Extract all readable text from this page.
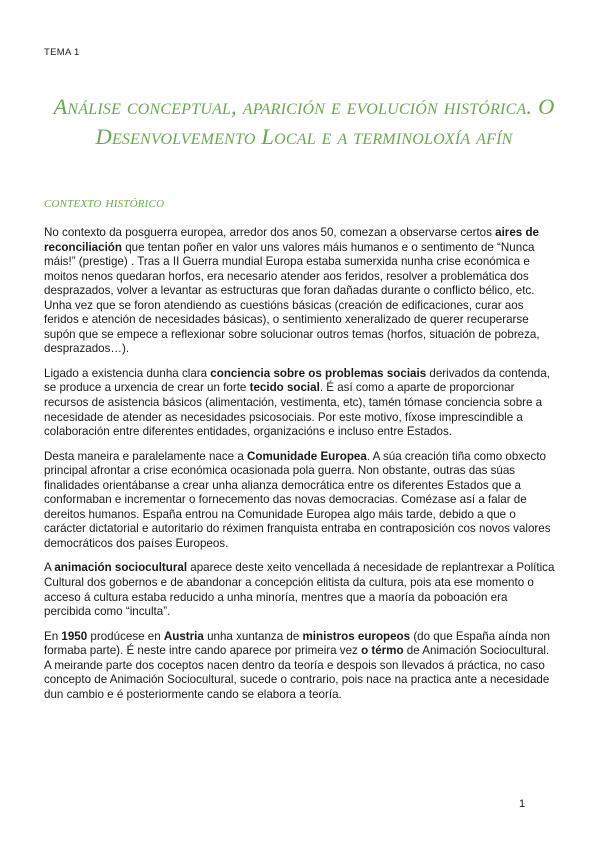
TEMA 1
Análise conceptual, aparición e evolución histórica. O Desenvolvemento Local e a terminoloxía afín
contexto histórico

No contexto da posguerra europea, arredor dos anos 50, comezan a observarse certos aires de reconciliación que tentan poñer en valor uns valores máis humanos e o sentimento de “Nunca máis!” (prestige) . Tras a II Guerra mundial Europa estaba sumerxida nunha crise económica e moitos nenos quedaran horfos, era necesario atender aos feridos, resolver a problemática dos desprazados, volver a levantar as estructuras que foran dañadas durante o conflicto bélico, etc. Unha vez que se foron atendiendo as cuestións básicas (creación de edificaciones, curar aos feridos e atención de necesidades básicas), o sentimiento xeneralizado de querer recuperarse supón que se empece a reflexionar sobre solucionar outros temas (horfos, situación de pobreza, desprazados…).

Ligado a existencia dunha clara conciencia sobre os problemas sociais derivados da contenda, se produce a urxencia de crear un forte tecido social. É así como a aparte de proporcionar recursos de asistencia básicos (alimentación, vestimenta, etc), tamén tómase conciencia sobre a necesidade de atender as necesidades psicosociais. Por este motivo, fíxose imprescindible a colaboración entre diferentes entidades, organizacións e incluso entre Estados.

Desta maneira e paralelamente nace a Comunidade Europea. A súa creación tiña como obxecto principal afrontar a crise económica ocasionada pola guerra. Non obstante, outras das súas finalidades orientábanse a crear unha alianza democrática entre os diferentes Estados que a conformaban e incrementar o fornecemento das novas democracias. Comézase así a falar de dereitos humanos. España entrou na Comunidade Europea algo máis tarde, debido a que o carácter dictatorial e autoritario do réximen franquista entraba en contraposición cos novos valores democráticos dos países Europeos.

A animación sociocultural aparece deste xeito vencellada á necesidade de replantrexar a Política Cultural dos gobernos e de abandonar a concepción elitista da cultura, pois ata ese momento o acceso á cultura estaba reducido a unha minoría, mentres que a maoría da poboación era percibida como “inculta”.

En 1950 prodúcese en Austria unha xuntanza de ministros europeos (do que España aínda non formaba parte). É neste intre cando aparece por primeira vez o térmo de Animación Sociocultural. A meirande parte dos coceptos nacen dentro da teoría e despois son llevados á práctica, no caso concepto de Animación Sociocultural, sucede o contrario, pois nace na practica ante a necesidade dun cambio e é posteriormente cando se elabora a teoría.

1
